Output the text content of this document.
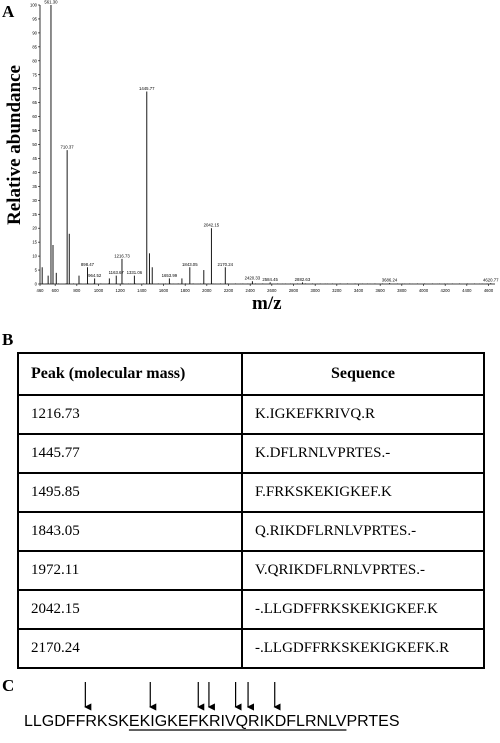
0
5
10
15
20
25
30
35
40
45
50
55
60
65
70
75
80
85
90
95
100
460 600	800	1000	1200	1400	1600	1800	2000	2200	2400	2600	2800	3000	3200	3400	3600	3800	4000	4200	4400	4600
561.30
710.37
898.47
964.52
1163.67
1216.73
1331.06
1445.77
1653.99
1843.05
2042.15
2170.24
2420.33 2584.45	2882.63	3686.24	4620.77
A
Relative abundance
m/z
B
Peak (molecular mass)	Sequence
1216.73	K.IGKEFKRIVQ.R
1445.77	K.DFLRNLVPRTES.-
1495.85	F.FRKSKEKIGKEF.K
1843.05	Q.RIKDFLRNLVPRTES.-
1972.11	V.QRIKDFLRNLVPRTES.-
2042.15	-.LLGDFFRKSKEKIGKEF.K
2170.24	-.LLGDFFRKSKEKIGKEFK.R
C
LLGDFFRKSKEKIGKEFKRIVQRIKDFLRNLVPRTES
